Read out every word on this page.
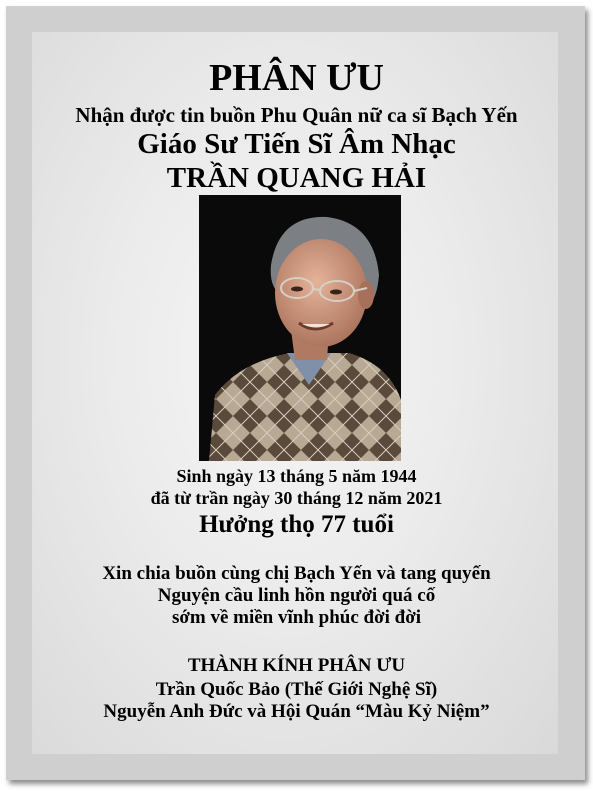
PHÂN ƯU
Nhận được tin buồn Phu Quân nữ ca sĩ Bạch Yến
Giáo Sư Tiến Sĩ Âm Nhạc
TRẦN QUANG HẢI
Sinh ngày 13 tháng 5 năm 1944
đã từ trần ngày 30 tháng 12 năm 2021
Hưởng thọ 77 tuổi
Xin chia buồn cùng chị Bạch Yến và tang quyến
Nguyện cầu linh hồn người quá cố
sớm về miền vĩnh phúc đời đời
THÀNH KÍNH PHÂN ƯU
Trần Quốc Bảo (Thế Giới Nghệ Sĩ)
Nguyễn Anh Đức và Hội Quán “Màu Kỷ Niệm”
